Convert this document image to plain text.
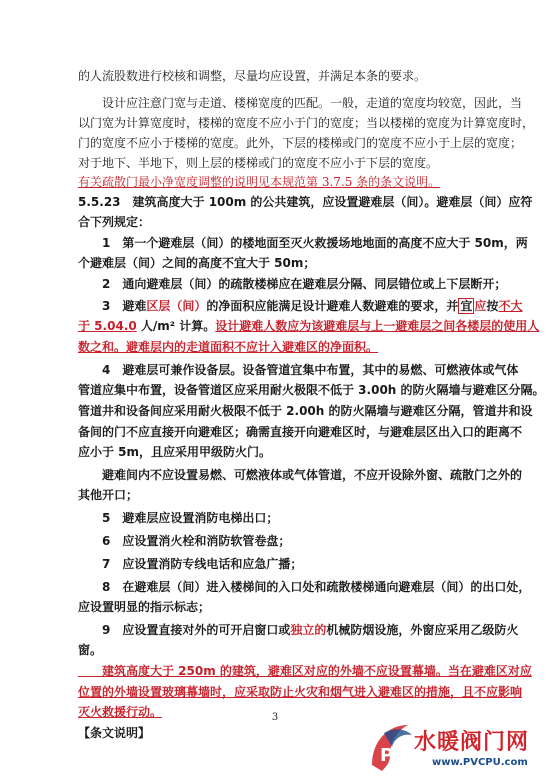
的人流股数进行校核和调整，尽量均应设置，并满足本条的要求。
　　设计应注意门宽与走道、楼梯宽度的匹配。一般，走道的宽度均较宽，因此，当
以门宽为计算宽度时，楼梯的宽度不应小于门的宽度；当以楼梯的宽度为计算宽度时，
门的宽度不应小于楼梯的宽度。此外，下层的楼梯或门的宽度不应小于上层的宽度；
对于地下、半地下，则上层的楼梯或门的宽度不应小于下层的宽度。
有关疏散门最小净宽度调整的说明见本规范第 3.7.5 条的条文说明。
5.5.23　建筑高度大于 100m 的公共建筑，应设置避难层（间）。避难层（间）应符
合下列规定：
　　1　第一个避难层（间）的楼地面至灭火救援场地地面的高度不应大于 50m，两
个避难层（间）之间的高度不宜大于 50m；
　　2　通向避难层（间）的疏散楼梯应在避难层分隔、同层错位或上下层断开；
　　3　避难区层（间）的净面积应能满足设计避难人数避难的要求，并 宜 应按不大
于 5.04.0 人/m² 计算。设计避难人数应为该避难层与上一避难层之间各楼层的使用人
数之和。避难层内的走道面积不应计入避难区的净面积。
　　4　避难层可兼作设备层。设备管道宜集中布置，其中的易燃、可燃液体或气体
管道应集中布置，设备管道区应采用耐火极限不低于 3.00h 的防火隔墙与避难区分隔。
管道井和设备间应采用耐火极限不低于 2.00h 的防火隔墙与避难区分隔，管道井和设
备间的门不应直接开向避难区；确需直接开向避难区时，与避难层区出入口的距离不
应小于 5m，且应采用甲级防火门。
　　避难间内不应设置易燃、可燃液体或气体管道，不应开设除外窗、疏散门之外的
其他开口；
　　5　避难层应设置消防电梯出口；
　　6　应设置消火栓和消防软管卷盘；
　　7　应设置消防专线电话和应急广播；
　　8　在避难层（间）进入楼梯间的入口处和疏散楼梯通向避难层（间）的出口处，
应设置明显的指示标志；
　　9　应设置直接对外的可开启窗口或独立的机械防烟设施，外窗应采用乙级防火
窗。
　　建筑高度大于 250m 的建筑，避难区对应的外墙不应设置幕墙。当在避难区对应
位置的外墙设置玻璃幕墙时，应采取防止火灾和烟气进入避难区的措施，且不应影响
灭火救援行动。
【条文说明】
3
P
水暖阀门网
www.PVCPU.com
